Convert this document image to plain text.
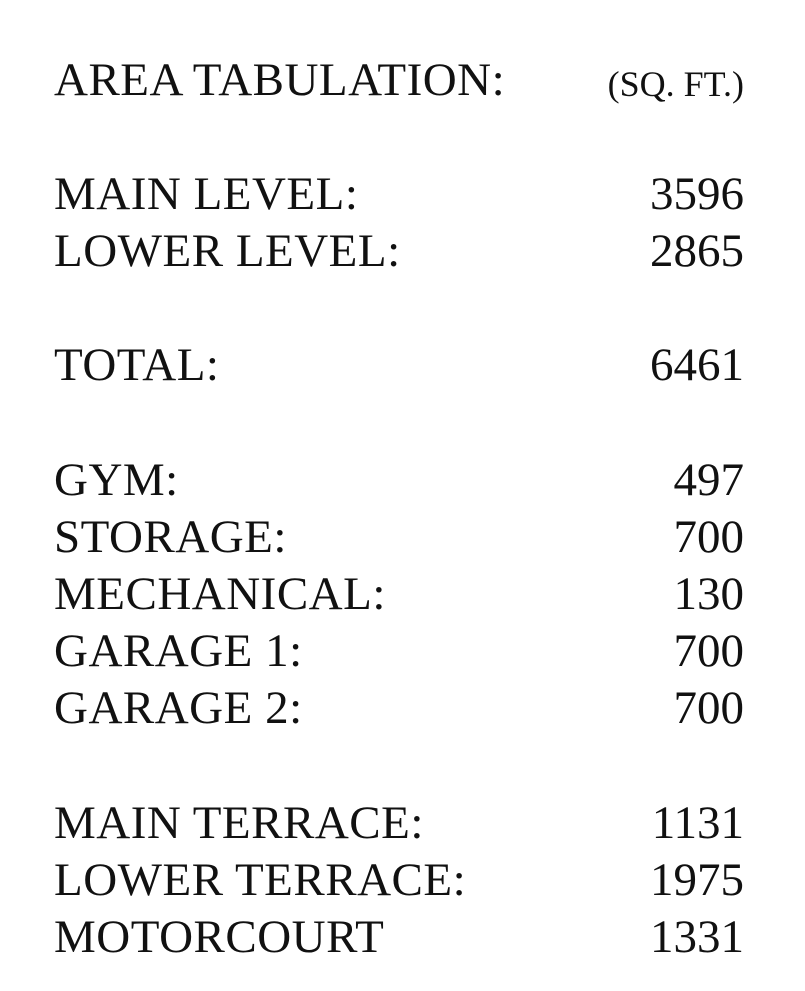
AREA TABULATION:	(SQ. FT.)
MAIN LEVEL:	3596
LOWER LEVEL:	2865
TOTAL:	6461
GYM:	497
STORAGE:	700
MECHANICAL:	130
GARAGE 1:	700
GARAGE 2:	700
MAIN TERRACE:	1131
LOWER TERRACE:	1975
MOTORCOURT	1331
